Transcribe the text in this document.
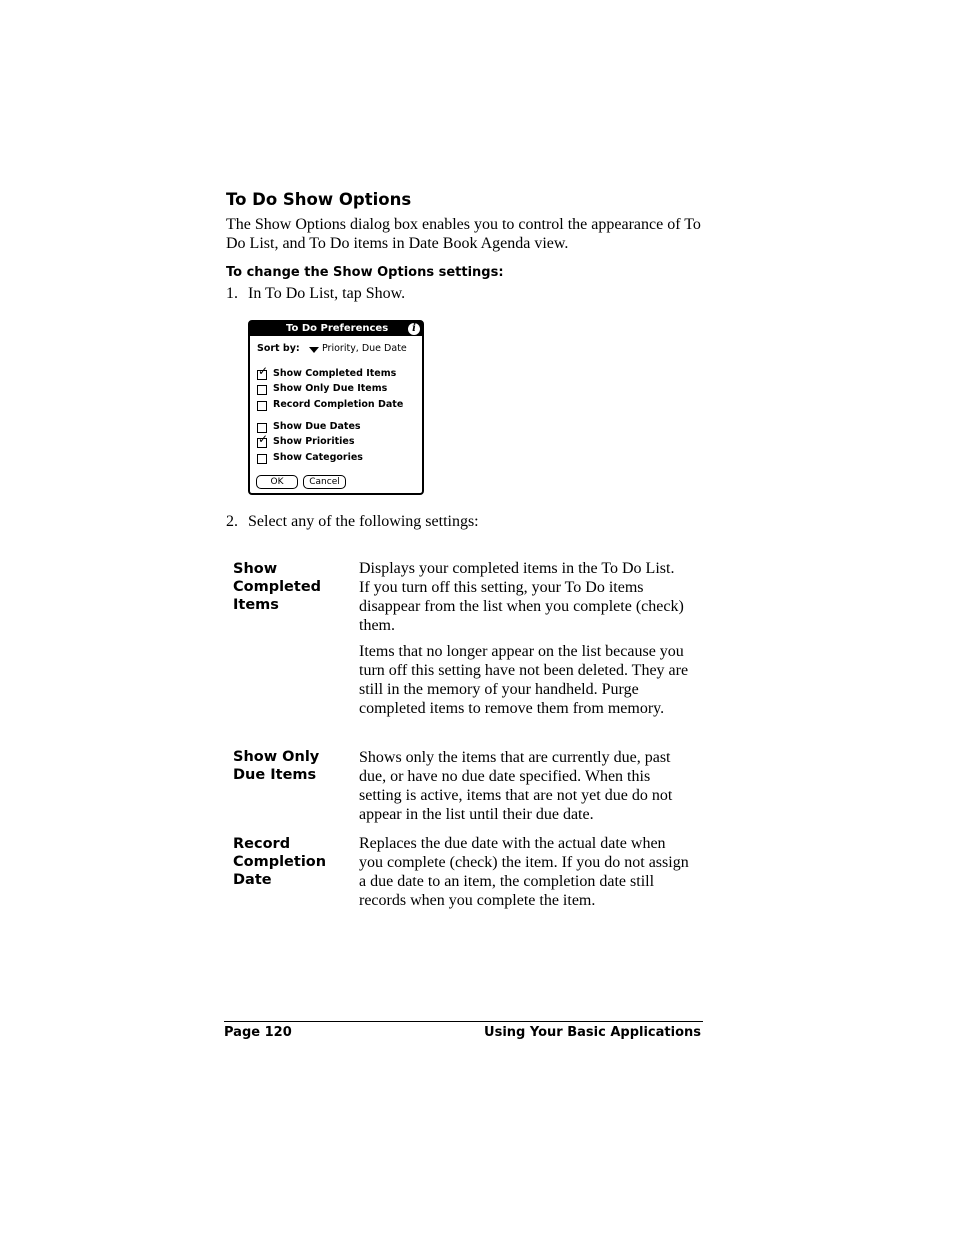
To Do Show Options
The Show Options dialog box enables you to control the appearance of To Do List, and To Do items in Date Book Agenda view.
To change the Show Options settings:
1. In To Do List, tap Show.
To Do Preferences	i
Sort by: Priority, Due Date
✓ Show Completed Items
Show Only Due Items
Record Completion Date
Show Due Dates
✓ Show Priorities
Show Categories
OK	Cancel
2. Select any of the following settings:
Show Completed Items
Displays your completed items in the To Do List. If you turn off this setting, your To Do items disappear from the list when you complete (check) them.
Items that no longer appear on the list because you turn off this setting have not been deleted. They are still in the memory of your handheld. Purge completed items to remove them from memory.
Show Only Due Items
Shows only the items that are currently due, past due, or have no due date specified. When this setting is active, items that are not yet due do not appear in the list until their due date.
Record Completion Date
Replaces the due date with the actual date when you complete (check) the item. If you do not assign a due date to an item, the completion date still records when you complete the item.
Page 120	Using Your Basic Applications
